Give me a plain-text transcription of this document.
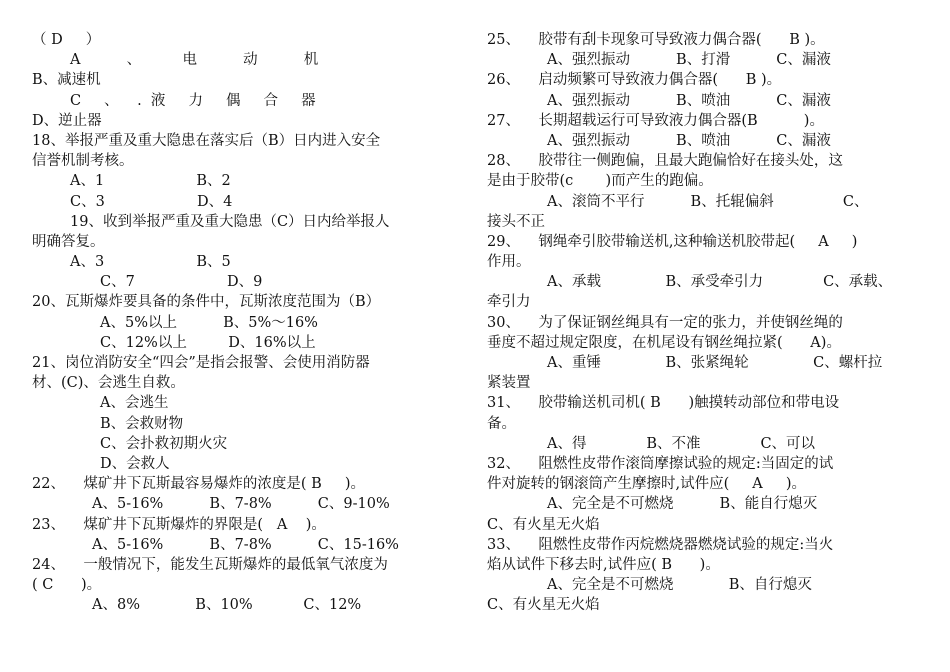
（ D     ）
A          、         电          动          机
B、减速机
C     、    .  液     力     偶     合     器
D、逆止器
18、举报严重及重大隐患在落实后（B）日内进入安全
信誉机制考核。
A、1                    B、2
C、3                    D、4
19、收到举报严重及重大隐患（C）日内给举报人
明确答复。
A、3                    B、5
C、7                    D、9
20、瓦斯爆炸要具备的条件中，瓦斯浓度范围为（B）
A、5%以上          B、5%～16%
C、12%以上         D、16%以上
21、岗位消防安全“四会”是指会报警、会使用消防器
材、(C)、会逃生自救。
A、会逃生
B、会救财物
C、会扑救初期火灾
D、会救人
22、    煤矿井下瓦斯最容易爆炸的浓度是( B     )。
A、5-16%          B、7-8%          C、9-10%
23、    煤矿井下瓦斯爆炸的界限是(   A    )。
A、5-16%          B、7-8%          C、15-16%
24、    一般情况下，能发生瓦斯爆炸的最低氧气浓度为
( C      )。
A、8%            B、10%           C、12%
25、    胶带有刮卡现象可导致液力偶合器(      B )。
A、强烈振动          B、打滑          C、漏液
26、    启动频繁可导致液力偶合器(      B )。
A、强烈振动          B、喷油          C、漏液
27、    长期超载运行可导致液力偶合器(B          )。
A、强烈振动          B、喷油          C、漏液
28、    胶带往一侧跑偏，且最大跑偏恰好在接头处，这
是由于胶带(c       )而产生的跑偏。
A、滚筒不平行          B、托辊偏斜               C、
接头不正
29、    钢绳牵引胶带输送机,这种输送机胶带起(     A     )
作用。
A、承载              B、承受牵引力             C、承载、
牵引力
30、    为了保证钢丝绳具有一定的张力，并使钢丝绳的
垂度不超过规定限度，在机尾设有钢丝绳拉紧(      A)。
A、重锤              B、张紧绳轮              C、螺杆拉
紧装置
31、    胶带输送机司机( B      )触摸转动部位和带电设
备。
A、得             B、不准             C、可以
32、    阻燃性皮带作滚筒摩擦试验的规定:当固定的试
件对旋转的钢滚筒产生摩擦时,试件应(     A     )。
A、完全是不可燃烧          B、能自行熄灭
C、有火星无火焰
33、    阻燃性皮带作丙烷燃烧器燃烧试验的规定:当火
焰从试件下移去时,试件应( B      )。
A、完全是不可燃烧            B、自行熄灭
C、有火星无火焰
